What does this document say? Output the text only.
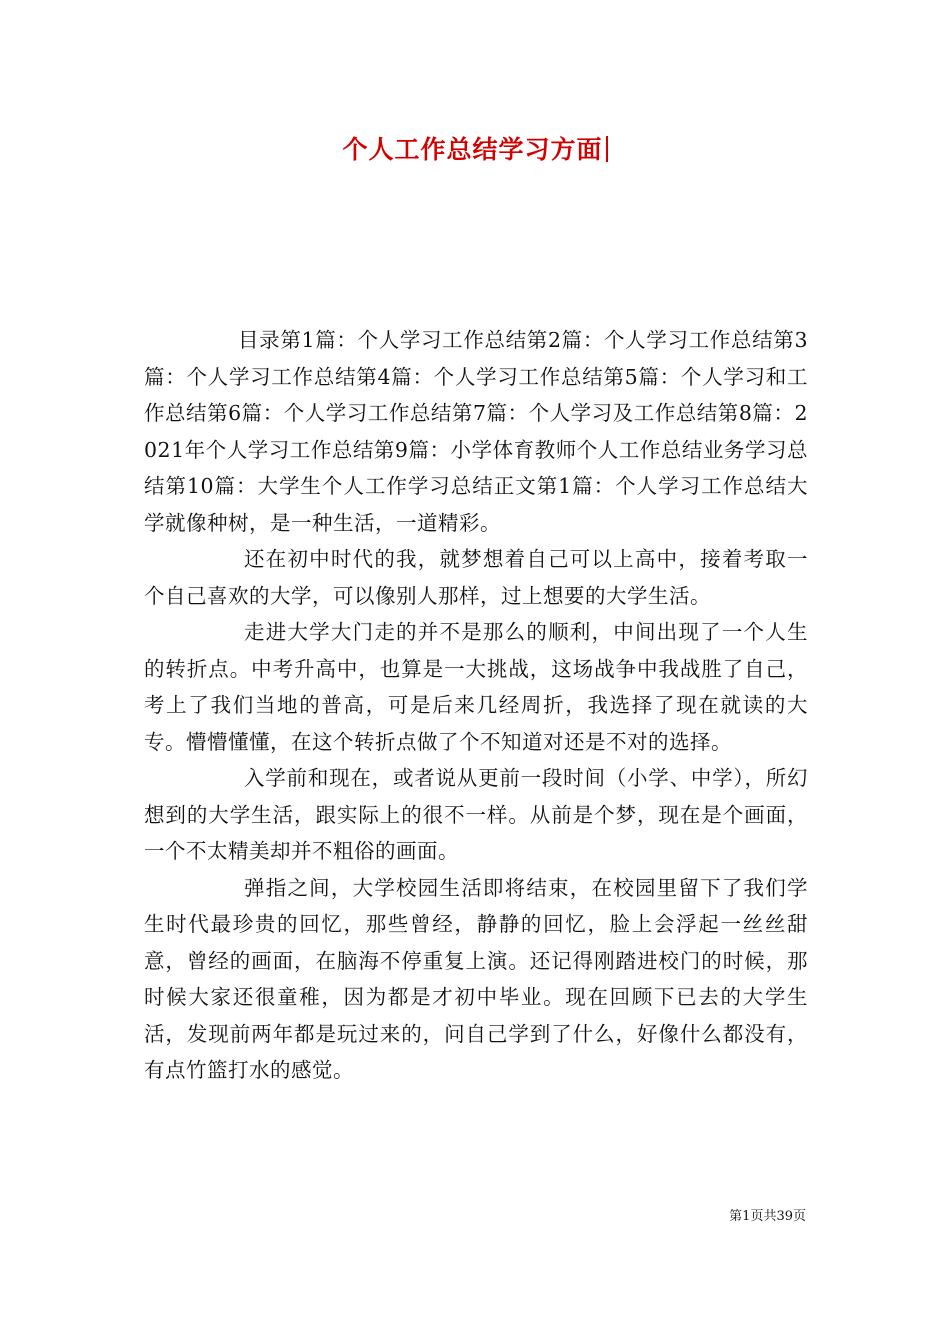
个人工作总结学习方面

目录第1篇：个人学习工作总结第2篇：个人学习工作总结第3篇：个人学习工作总结第4篇：个人学习工作总结第5篇：个人学习和工作总结第6篇：个人学习工作总结第7篇：个人学习及工作总结第8篇：2021年个人学习工作总结第9篇：小学体育教师个人工作总结业务学习总结第10篇：大学生个人工作学习总结正文第1篇：个人学习工作总结大学就像种树，是一种生活，一道精彩。

还在初中时代的我，就梦想着自己可以上高中，接着考取一个自己喜欢的大学，可以像别人那样，过上想要的大学生活。

走进大学大门走的并不是那么的顺利，中间出现了一个人生的转折点。中考升高中，也算是一大挑战，这场战争中我战胜了自己，考上了我们当地的普高，可是后来几经周折，我选择了现在就读的大专。懵懵懂懂，在这个转折点做了个不知道对还是不对的选择。

入学前和现在，或者说从更前一段时间（小学、中学），所幻想到的大学生活，跟实际上的很不一样。从前是个梦，现在是个画面，一个不太精美却并不粗俗的画面。

弹指之间，大学校园生活即将结束，在校园里留下了我们学生时代最珍贵的回忆，那些曾经，静静的回忆，脸上会浮起一丝丝甜意，曾经的画面，在脑海不停重复上演。还记得刚踏进校门的时候，那时候大家还很童稚，因为都是才初中毕业。现在回顾下已去的大学生活，发现前两年都是玩过来的，问自己学到了什么，好像什么都没有，有点竹篮打水的感觉。

第1页共39页
